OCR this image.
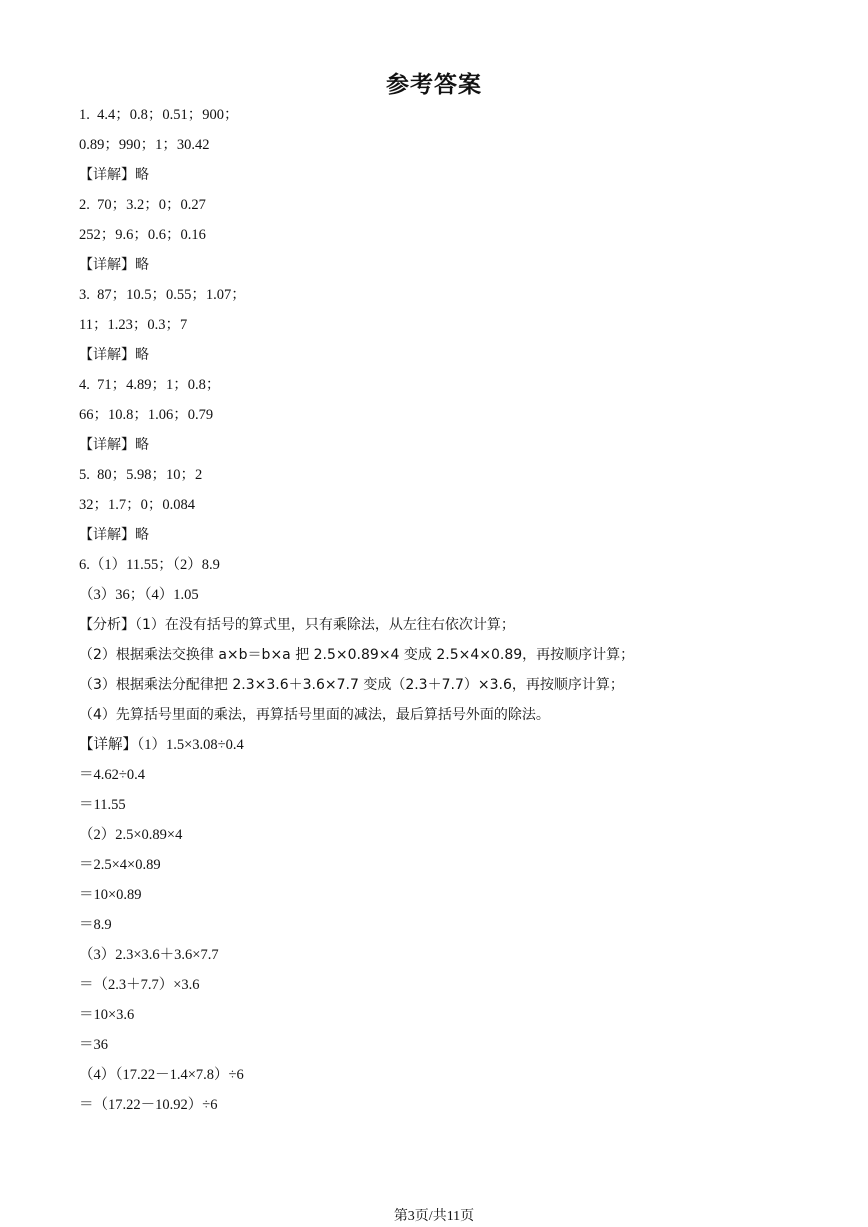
参考答案
1.  4.4；0.8；0.51；900；
0.89；990；1；30.42
【详解】略
2.  70；3.2；0；0.27
252；9.6；0.6；0.16
【详解】略
3.  87；10.5；0.55；1.07；
11；1.23；0.3；7
【详解】略
4.  71；4.89；1；0.8；
66；10.8；1.06；0.79
【详解】略
5.  80；5.98；10；2
32；1.7；0；0.084
【详解】略
6.（1）11.55；（2）8.9
（3）36；（4）1.05
【分析】（1）在没有括号的算式里，只有乘除法，从左往右依次计算；
（2）根据乘法交换律 a×b＝b×a 把 2.5×0.89×4 变成 2.5×4×0.89，再按顺序计算；
（3）根据乘法分配律把 2.3×3.6＋3.6×7.7 变成（2.3＋7.7）×3.6，再按顺序计算；
（4）先算括号里面的乘法，再算括号里面的减法，最后算括号外面的除法。
【详解】（1）1.5×3.08÷0.4
＝4.62÷0.4
＝11.55
（2）2.5×0.89×4
＝2.5×4×0.89
＝10×0.89
＝8.9
（3）2.3×3.6＋3.6×7.7
＝（2.3＋7.7）×3.6
＝10×3.6
＝36
（4）（17.22－1.4×7.8）÷6
＝（17.22－10.92）÷6
第3页/共11页
